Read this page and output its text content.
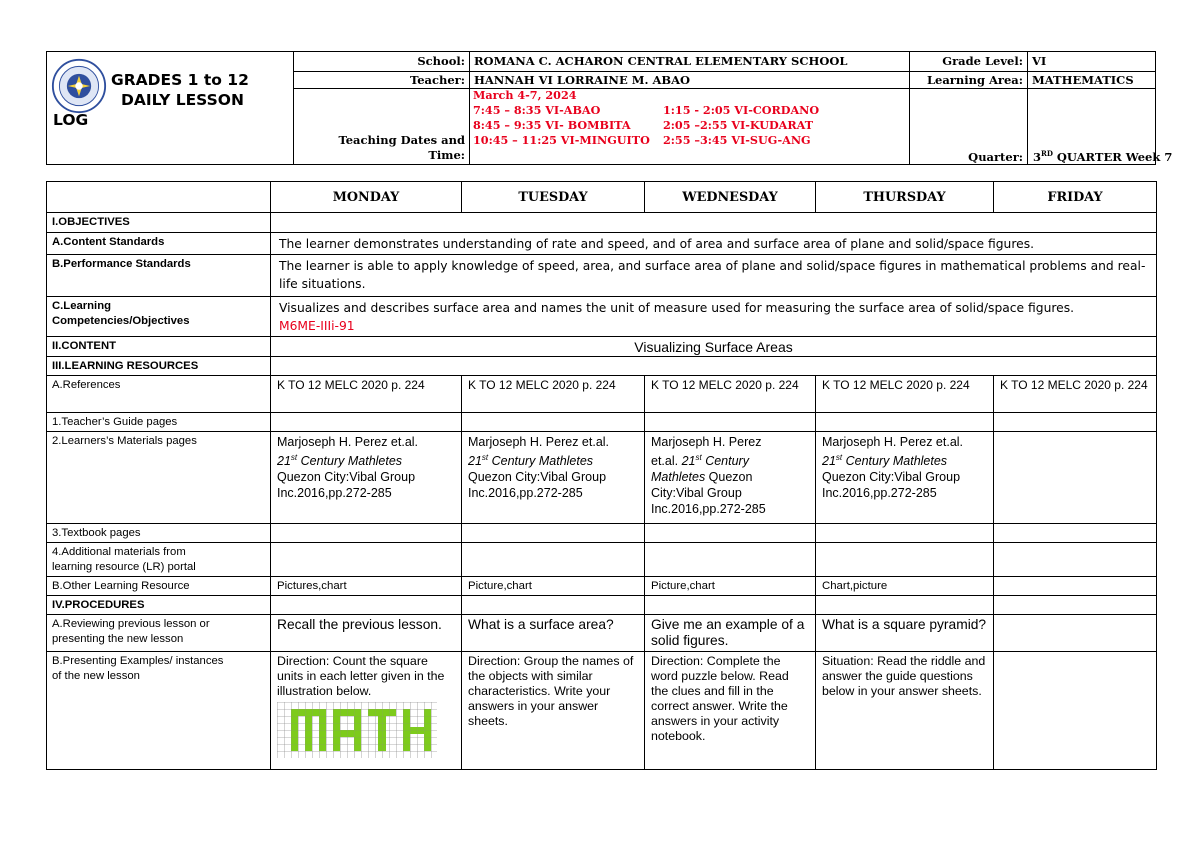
GRADES 1 to 12
DAILY LESSON
LOG
School: ROMANA C. ACHARON CENTRAL ELEMENTARY SCHOOL	Grade Level: VI
Teacher: HANNAH VI LORRAINE M. ABAO	Learning Area: MATHEMATICS
Teaching Dates and
Time:	Quarter: 3RD QUARTER Week 7
March 4-7, 2024
7:45 – 8:35 VI-ABAO	1:15 - 2:05 VI-CORDANO
8:45 – 9:35 VI- BOMBITA	2:05 –2:55 VI-KUDARAT
10:45 – 11:25 VI-MINGUITO	2:55 –3:45 VI-SUG-ANG
	MONDAY	TUESDAY	WEDNESDAY	THURSDAY	FRIDAY
I.OBJECTIVES					
A.Content Standards	The learner demonstrates understanding of rate and speed, and of area and surface area of plane and solid/space figures.				
B.Performance Standards	The learner is able to apply knowledge of speed, area, and surface area of plane and solid/space figures in mathematical problems and real-life situations.				
C.Learning
Competencies/Objectives	Visualizes and describes surface area and names the unit of measure used for measuring the surface area of solid/space figures.
M6ME-IIIi-91				
II.CONTENT	Visualizing Surface Areas				
III.LEARNING RESOURCES					
A.References	K TO 12 MELC 2020 p. 224	K TO 12 MELC 2020 p. 224	K TO 12 MELC 2020 p. 224	K TO 12 MELC 2020 p. 224	K TO 12 MELC 2020 p. 224
1.Teacher’s Guide pages					
2.Learners’s Materials pages	Marjoseph H. Perez et.al.
21st Century Mathletes
Quezon City:Vibal Group
Inc.2016,pp.272-285	Marjoseph H. Perez et.al.
21st Century Mathletes
Quezon City:Vibal Group
Inc.2016,pp.272-285	Marjoseph H. Perez
et.al. 21st Century
Mathletes Quezon
City:Vibal Group
Inc.2016,pp.272-285	Marjoseph H. Perez et.al.
21st Century Mathletes
Quezon City:Vibal Group
Inc.2016,pp.272-285	
3.Textbook pages					
4.Additional materials from
learning resource (LR) portal					
B.Other Learning Resource	Pictures,chart	Picture,chart	Picture,chart	Chart,picture	
IV.PROCEDURES					
A.Reviewing previous lesson or
presenting the new lesson	Recall the previous lesson.	What is a surface area?	Give me an example of a solid figures.	What is a square pyramid?	
B.Presenting Examples/ instances
of the new lesson	Direction: Count the square units in each letter given in the illustration below.	Direction: Group the names of the objects with similar characteristics. Write your answers in your answer sheets.	Direction: Complete the word puzzle below. Read the clues and fill in the correct answer. Write the answers in your activity notebook.	Situation: Read the riddle and answer the guide questions below in your answer sheets.	
